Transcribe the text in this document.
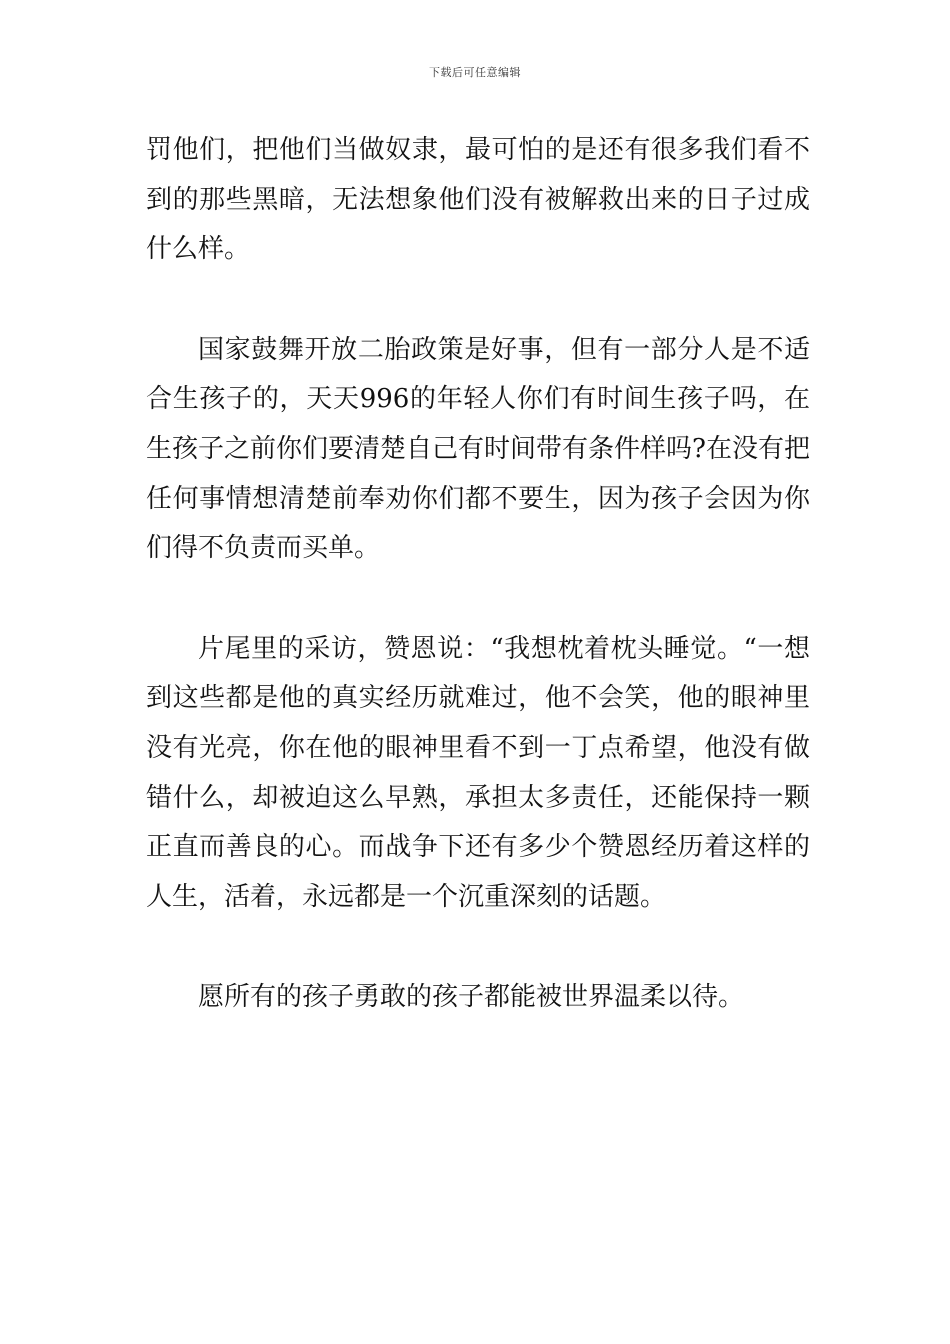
下载后可任意编辑

罚他们，把他们当做奴隶，最可怕的是还有很多我们看不到的那些黑暗，无法想象他们没有被解救出来的日子过成什么样。

国家鼓舞开放二胎政策是好事，但有一部分人是不适合生孩子的，天天996的年轻人你们有时间生孩子吗，在生孩子之前你们要清楚自己有时间带有条件样吗?在没有把任何事情想清楚前奉劝你们都不要生，因为孩子会因为你们得不负责而买单。

片尾里的采访，赞恩说：“我想枕着枕头睡觉。“一想到这些都是他的真实经历就难过，他不会笑，他的眼神里没有光亮，你在他的眼神里看不到一丁点希望，他没有做错什么，却被迫这么早熟，承担太多责任，还能保持一颗正直而善良的心。而战争下还有多少个赞恩经历着这样的人生，活着，永远都是一个沉重深刻的话题。

愿所有的孩子勇敢的孩子都能被世界温柔以待。
